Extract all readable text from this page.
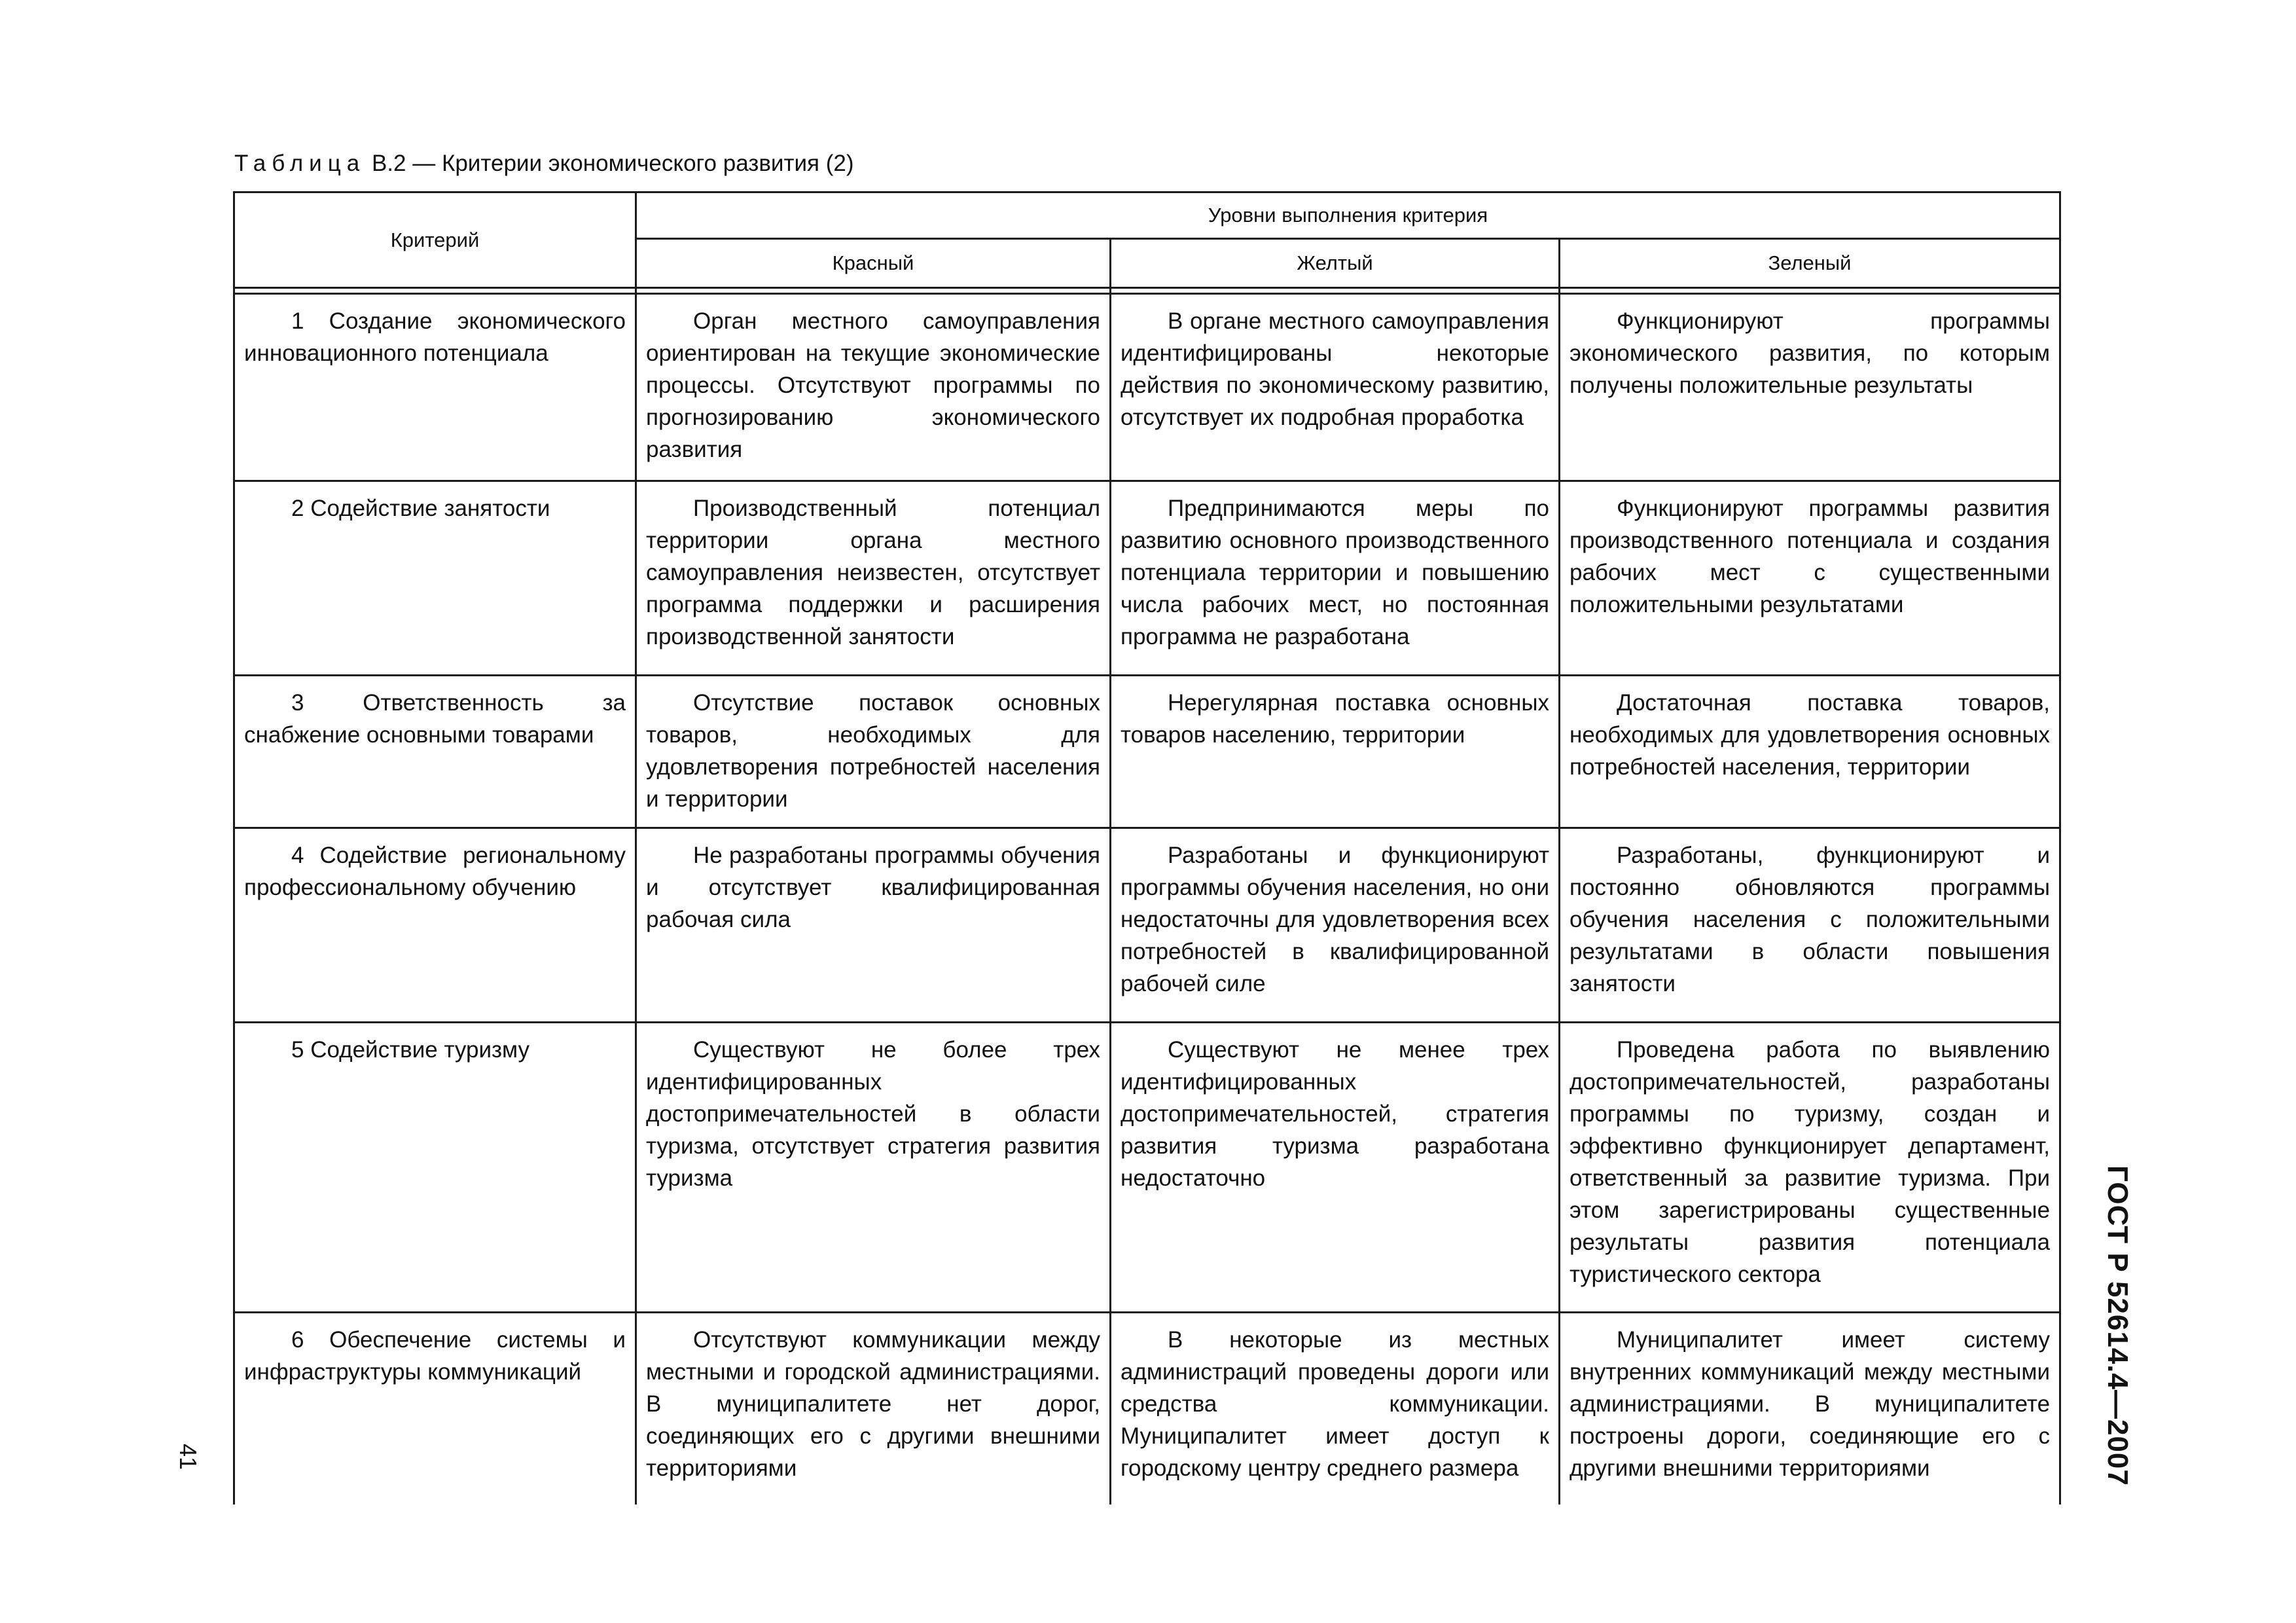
Таблица В.2 — Критерии экономического развития (2)
Критерий	Уровни выполнения критерия		
	Красный	Желтый	Зеленый

1 Создание экономического инновационного потенциала	Орган местного самоуправления ориентирован на текущие экономические процессы. Отсутствуют программы по прогнозированию экономического развития	В органе местного самоуправления идентифицированы некоторые действия по экономическому развитию, отсутствует их подробная проработка	Функционируют программы экономического развития, по которым получены положительные результаты
2 Содействие занятости	Производственный потенциал территории органа местного самоуправления неизвестен, отсутствует программа поддержки и расширения производственной занятости	Предпринимаются меры по развитию основного производственного потенциала территории и повышению числа рабочих мест, но постоянная программа не разработана	Функционируют программы развития производственного потенциала и создания рабочих мест с существенными положительными результатами
3 Ответственность за снабжение основными товарами	Отсутствие поставок основных товаров, необходимых для удовлетворения потребностей населения и территории	Нерегулярная поставка основных товаров населению, территории	Достаточная поставка товаров, необходимых для удовлетворения основных потребностей населения, территории
4 Содействие региональному профессиональному обучению	Не разработаны программы обучения и отсутствует квалифицированная рабочая сила	Разработаны и функционируют программы обучения населения, но они недостаточны для удовлетворения всех потребностей в квалифицированной рабочей силе	Разработаны, функционируют и постоянно обновляются программы обучения населения с положительными результатами в области повышения занятости
5 Содействие туризму	Существуют не более трех идентифицированных достопримечательностей в области туризма, отсутствует стратегия развития туризма	Существуют не менее трех идентифицированных достопримечательностей, стратегия развития туризма разработана недостаточно	Проведена работа по выявлению достопримечательностей, разработаны программы по туризму, создан и эффективно функционирует департамент, ответственный за развитие туризма. При этом зарегистрированы существенные результаты развития потенциала туристического сектора
6 Обеспечение системы и инфраструктуры коммуникаций	Отсутствуют коммуникации между местными и городской администрациями. В муниципалитете нет дорог, соединяющих его с другими внешними территориями	В некоторые из местных администраций проведены дороги или средства коммуникации. Муниципалитет имеет доступ к городскому центру среднего размера	Муниципалитет имеет систему внутренних коммуникаций между местными администрациями. В муниципалитете построены дороги, соединяющие его с другими внешними территориями	ГОСТ Р 52614.4—2007
41
